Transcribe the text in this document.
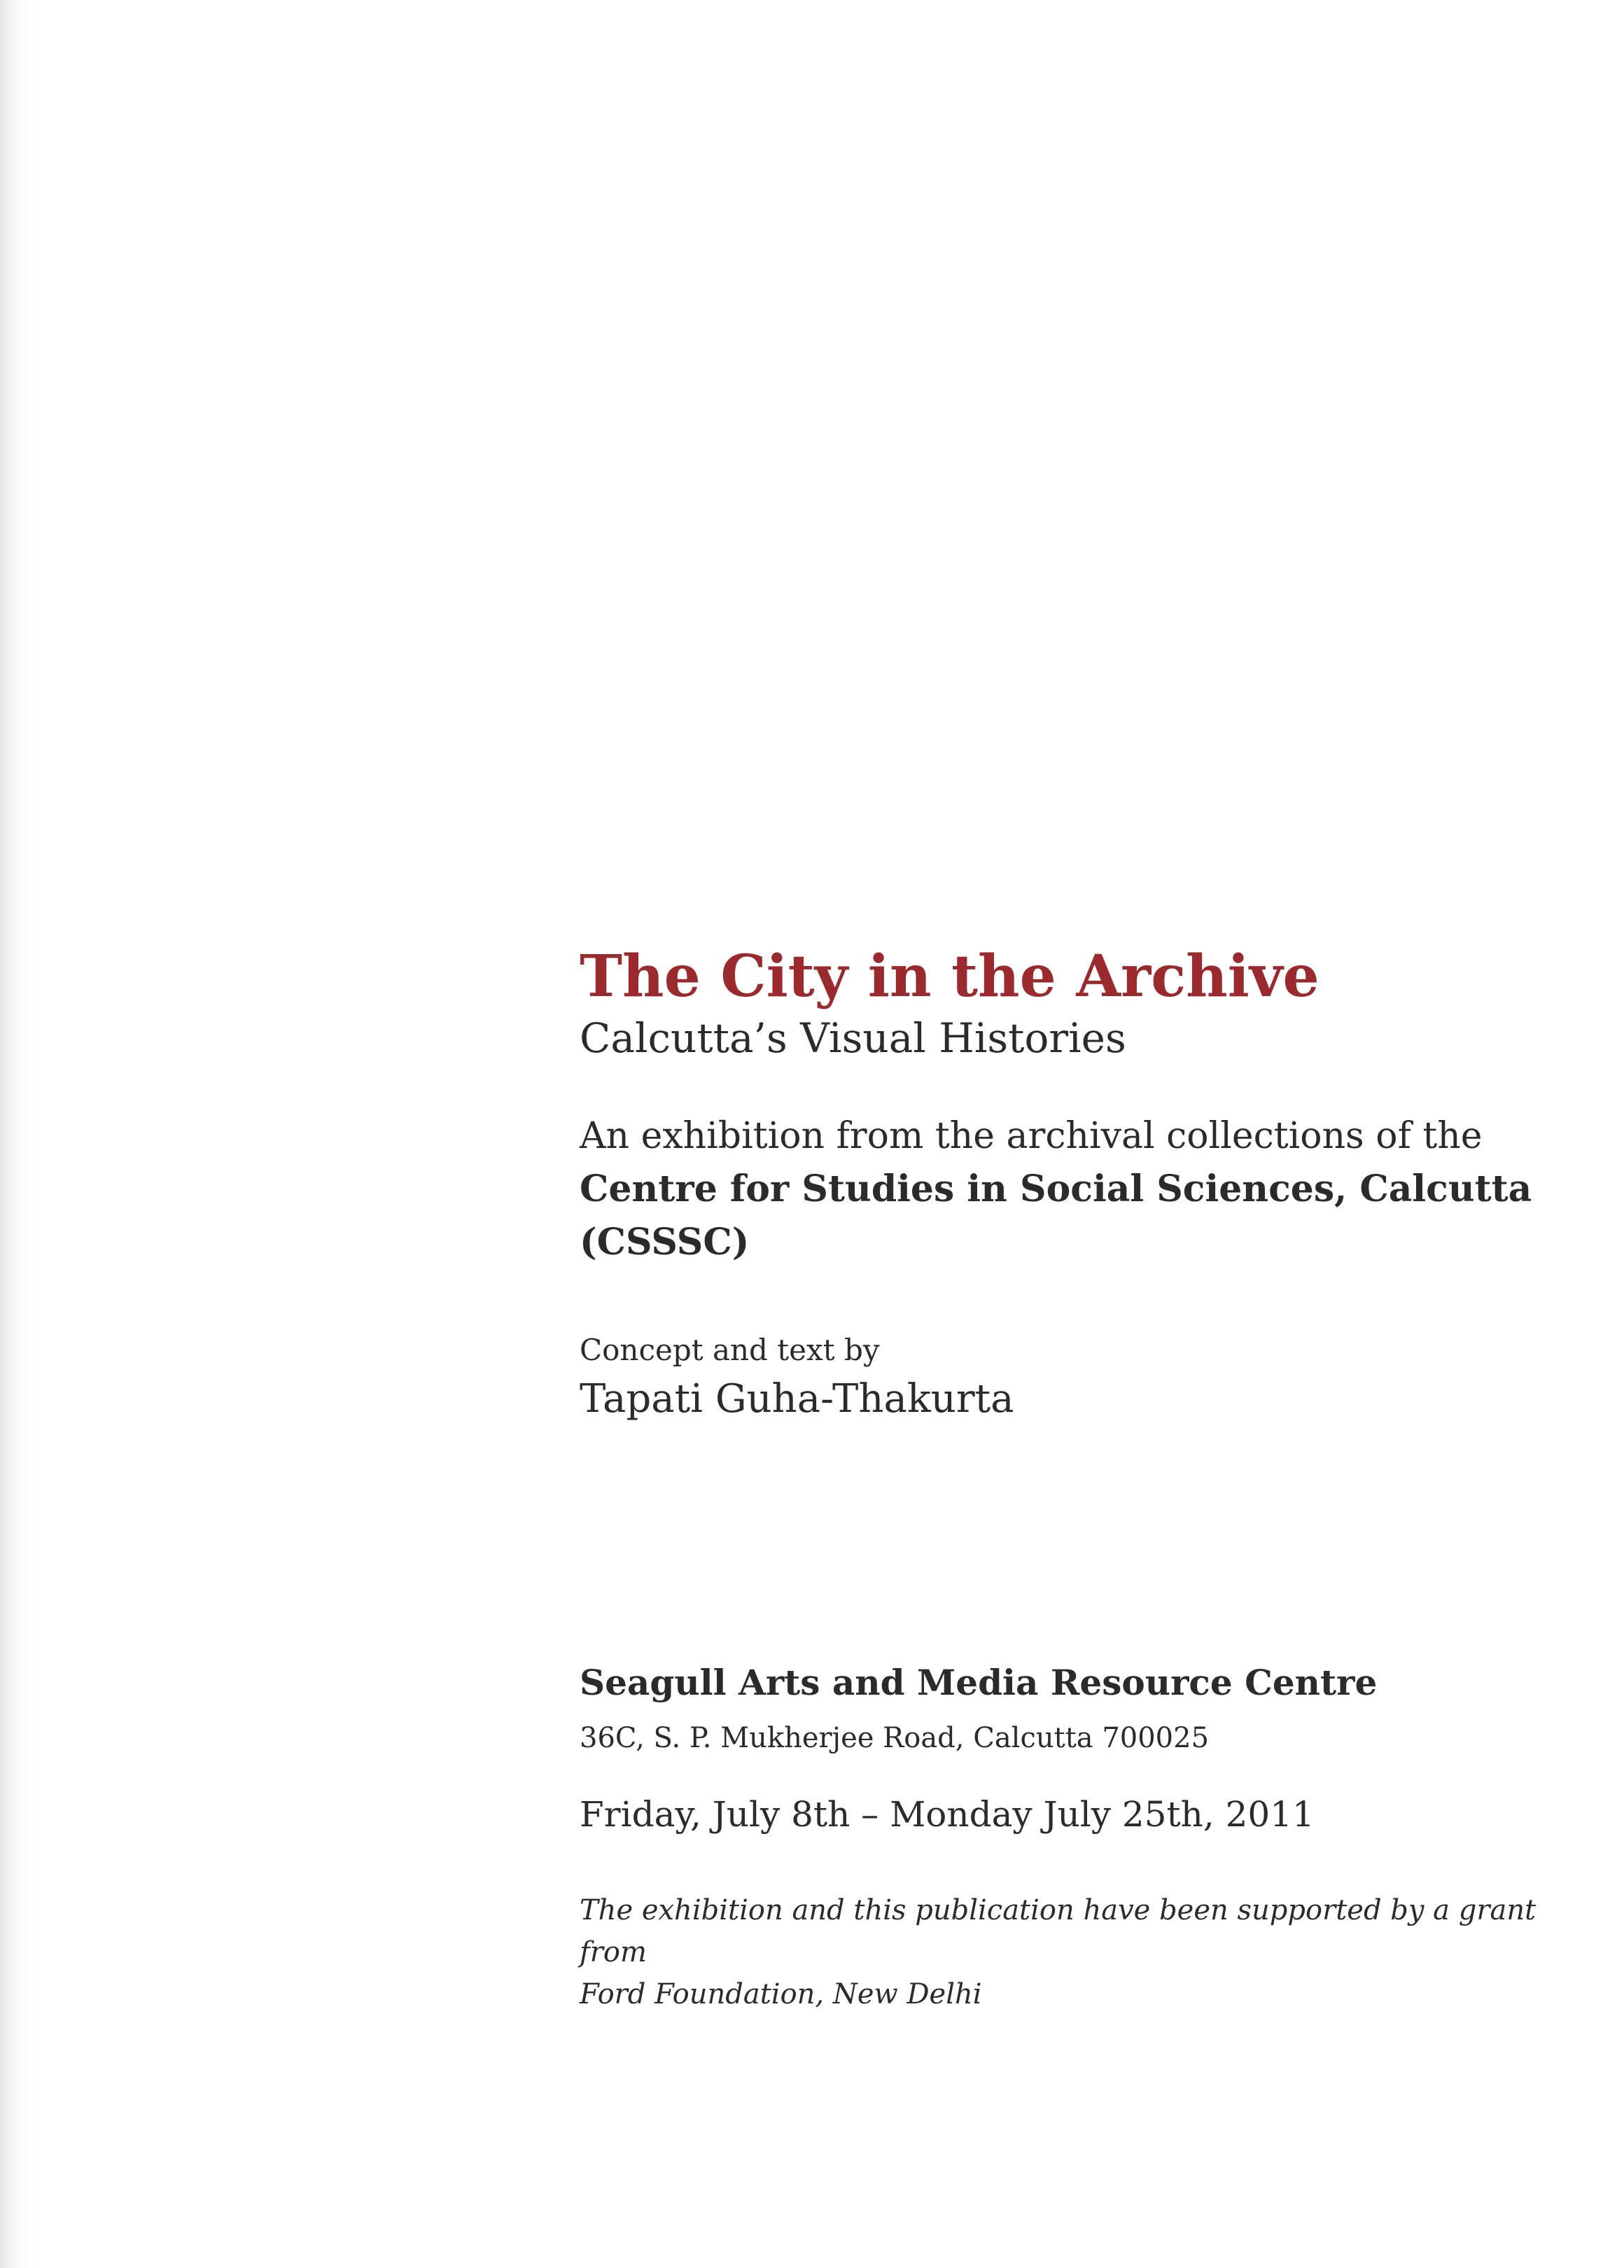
The City in the Archive

Calcutta’s Visual Histories

An exhibition from the archival collections of the
Centre for Studies in Social Sciences, Calcutta
(CSSSC)
Concept and text by
Tapati Guha-Thakurta
Seagull Arts and Media Resource Centre
36C, S. P. Mukherjee Road, Calcutta 700025
Friday, July 8th – Monday July 25th, 2011
The exhibition and this publication have been supported by a grant from
Ford Foundation, New Delhi
